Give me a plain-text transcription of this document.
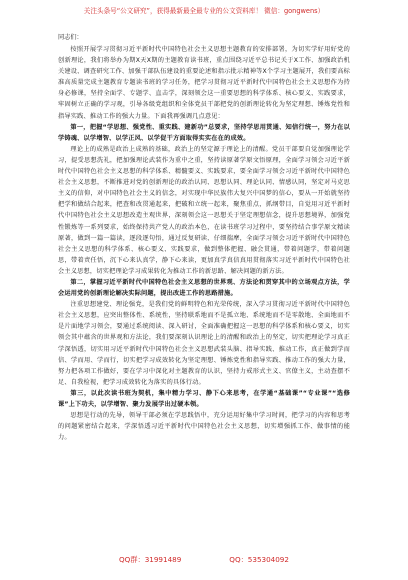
关注头条号“公文研究”，获得最新最全最专业的公文资料库！ 微信：gongwens）
同志们：

按照开展学习贯彻习近平新时代中国特色社会主义思想主题教育的安排部署，为切实学好用好党的创新理论，我们将举办为期X天X期的主题教育读书班，重点围绕习近平总书记关于X工作、加强政治机关建设、调查研究工作、加强干部队伍建设的重要论述和指示批示精神等X个学习主题展开，我们要高标准高质量完成主题教育专题读书班的学习任务，把学习贯彻习近平新时代中国特色社会主义思想作为持身必修课，坚持全面学、专题学、直击学，深刻领会这一重要思想的科学体系、核心要义、实践要求，牢固树立正确的学习观，引导各级党组织和全体党员干部把党的创新理论转化为坚定理想、锤炼党性和指导实践、推动工作的强大力量。下面我再强调几点意见：

第一，把握“学思想、强党性、重实践、建新功”总要求，坚持学思用贯通、知信行统一，努力在以学铸魂、以学增智、以学正风、以学促干方面取得实实在在的成效。

理论上的成熟是政治上成熟的基础，政治上的坚定源于理论上的清醒。党员干部要自觉加强理论学习，提受思想洗礼，把加强理论武装作为重中之重，坚持读原著学原文悟原理，全面学习领会习近平新时代中国特色社会主义思想的科学体系、精髓要义、实践要求，要全面学习领会习近平新时代中国特色社会主义思想，不断推进对党的创新理论的政治认同、思想认同、理论认同、情感认同，坚定对马克思主义的信仰，对中国特色社会主义的信念，对实现中华民族伟大复兴中国梦的信心，要从一开始就坚持把学和做结合起来，把查和改贯通起来，把破和立统一起来，聚焦重点，抓纲带目，自觉用习近平新时代中国特色社会主义思想改造主观世界，深刻领会这一思想关于坚定理想信念，提升思想境界，加强党性锻炼等一系列要求，始终保持共产党人的政治本色，在读书班学习过程中，要坚持结合事学原文精读原著，做到一篇一篇读，逐段逐句悟，通过反复研读、仔细揣摩，全面学习领会习近平新时代中国特色社会主义思想的科学体系、核心要义、实践要求，做到整体把握、融会贯通，带着问题学，带着问题思，带着责任悟，沉下心来认真学，静下心来读，更加真学真信真用贯彻落实习近平新时代中国特色社会主义思想，切实把理论学习成果转化为推动工作的新思路、解决问题的新方法。

第二，掌握习近平新时代中国特色社会主义思想的世界观、方法论和贯穿其中的立场观点方法，学会运用党的创新理论解决实际问题，提出改进工作的思路措施。

注重思想建党、理论强党，是我们党的鲜明特色和光荣传统，深入学习贯彻习近平新时代中国特色社会主义思想，应突出整体性、系统性，坚持联系地而不是孤立地、系统地而不是零散地、全面地而不是片面地学习领会，要通过系统阅读、深入研讨，全面准确把握这一思想的科学体系和核心要义，切实领会其中蕴含的世界观和方法论，我们要深刻认识理论上的清醒和政治上的坚定，切实把理论学习真正学深悟透，切实用习近平新时代中国特色社会主义思想武装头脑、指导实践、推动工作，真正做到学而信、学而用、学而行，切实把学习成效转化为坚定理想、锤炼党性和指导实践、推动工作的强大力量，努力把各项工作做好，要在学习中深化对主题教育的认识，坚持力戒形式主义、官僚主义，主动查摆不足、自我检视，把学习成效转化为落实的具体行动。

第三，以此次读书班为契机，集中精力学习、静下心来思考，在学通“基础课”“专业课”“选修课”上下功夫，以学增智、聚力发展学出过硬本领。

思想是行动的先导，领导干部必须在学思践悟中，充分运用好集中学习时间，把学习的内容和思考的问题紧密结合起来，学深悟透习近平新时代中国特色社会主义思想，切实增强抓工作、做事情的能力。

QQ群：31991489	QQ：535304092
